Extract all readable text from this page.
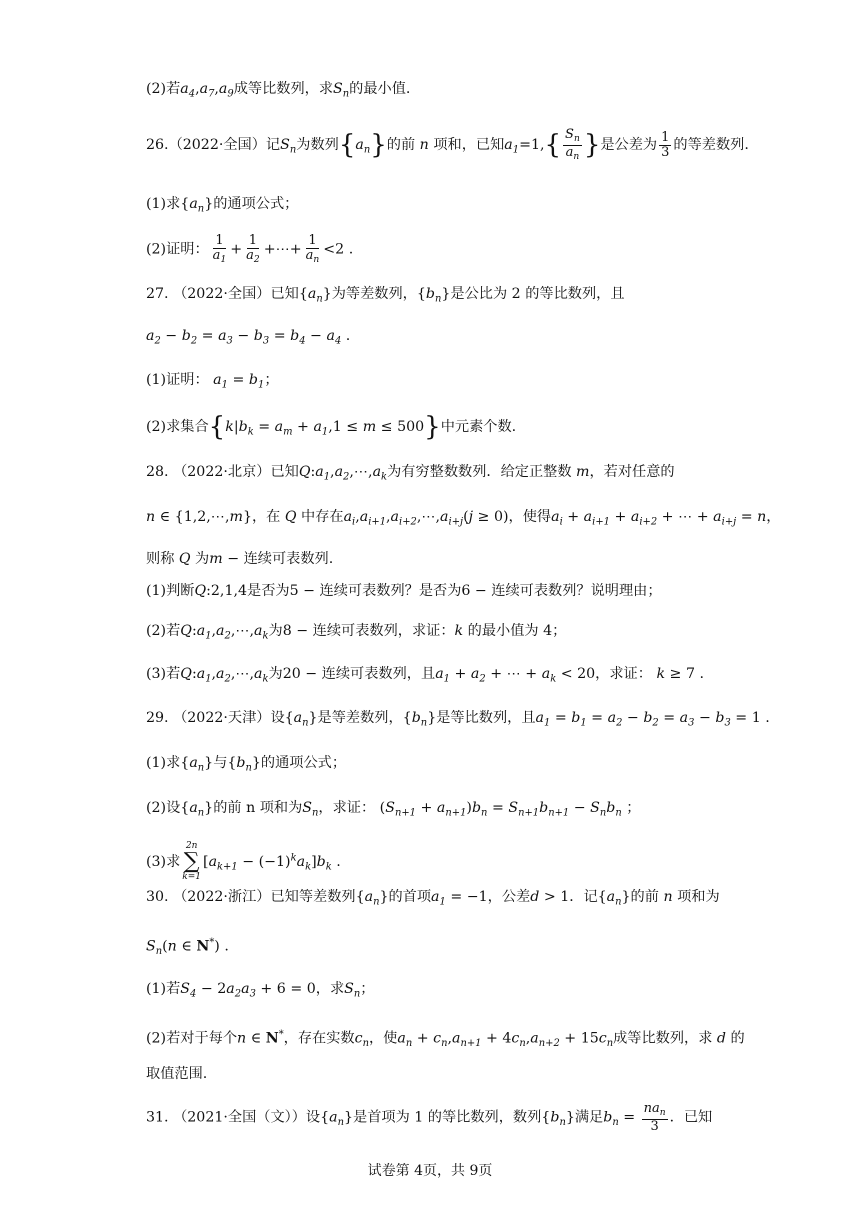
(2)若$a_4,a_7,a_9$成等比数列，求$S_n$的最小值.
26.（2022·全国）记$S_n$为数列$\{a_n\}$的前 n 项和，已知$a_1=1,\{ \frac{S_n}{a_n}$ }是公差为 $\frac{1}{3}$ 的等差数列.
(1)求$\{a_n\}$的通项公式；
(2)证明： $\frac{1}{a_1} + \frac{1}{a_2}$ +⋯+ $\frac{1}{a_n} <2$ .
27. （2022·全国）已知$\{a_n\}$为等差数列，$\{b_n\}$是公比为 2 的等比数列，且
$a_2 - b_2 = a_3 - b_3 = b_4 - a_4$ .
(1)证明： $a_1 = b_1$；
(2)求集合$\{k|b_k = a_m + a_1,1 \le m \le 500\}$中元素个数.
28. （2022·北京）已知$Q:a_1,a_2,\cdots,a_k$为有穷整数数列．给定正整数 m，若对任意的
n ∈ {1,2,⋯,m}，在 Q 中存在$a_i,a_{i+1},a_{i+2},\cdots,a_{i+j}(j \ge 0)$，使得$a_i + a_{i+1} + a_{i+2}$ + ⋯ + $a_{i+j} = n$，
则称 Q 为m − 连续可表数列.
(1)判断Q:2,1,4是否为5 − 连续可表数列？是否为6 − 连续可表数列？说明理由；
(2)若$Q:a_1,a_2,\cdots,a_k$为8 − 连续可表数列，求证：k 的最小值为 4；
(3)若$Q:a_1,a_2,\cdots,a_k$为20 − 连续可表数列，且$a_1 + a_2$ + ⋯ + $a_k < 20$，求证： k ≥ 7 .
29. （2022·天津）设$\{a_n\}$是等差数列，$\{b_n\}$是等比数列，且$a_1 = b_1 = a_2 - b_2 = a_3 - b_3 = 1$ .
(1)求$\{a_n\}$与$\{b_n\}$的通项公式；
(2)设$\{a_n\}$的前 n 项和为$S_n$，求证： $(S_{n+1} + a_{n+1})b_n = S_{n+1}b_{n+1} - S_nb_n$ ；
(3)求
2n
∑
k=1
$[a_{k+1} - (-1)^ka_k]b_k$ .
30. （2022·浙江）已知等差数列$\{a_n\}$的首项$a_1 = -1$，公差d > 1．记$\{a_n\}$的前 n 项和为
$S_n(n$ ∈ N*) .
(1)若$S_4 - 2a_2a_3 + 6 = 0$，求$S_n$；
(2)若对于每个n ∈ N*，存在实数$c_n$，使$a_n + c_n,a_{n+1} + 4c_n,a_{n+2} + 15c_n$成等比数列，求 d 的
取值范围.
31. （2021·全国（文））设$\{a_n\}$是首项为 1 的等比数列，数列$\{b_n\}$满足$b_n = \frac{na_n}{3}$ ．已知
试卷第 4页，共 9页
